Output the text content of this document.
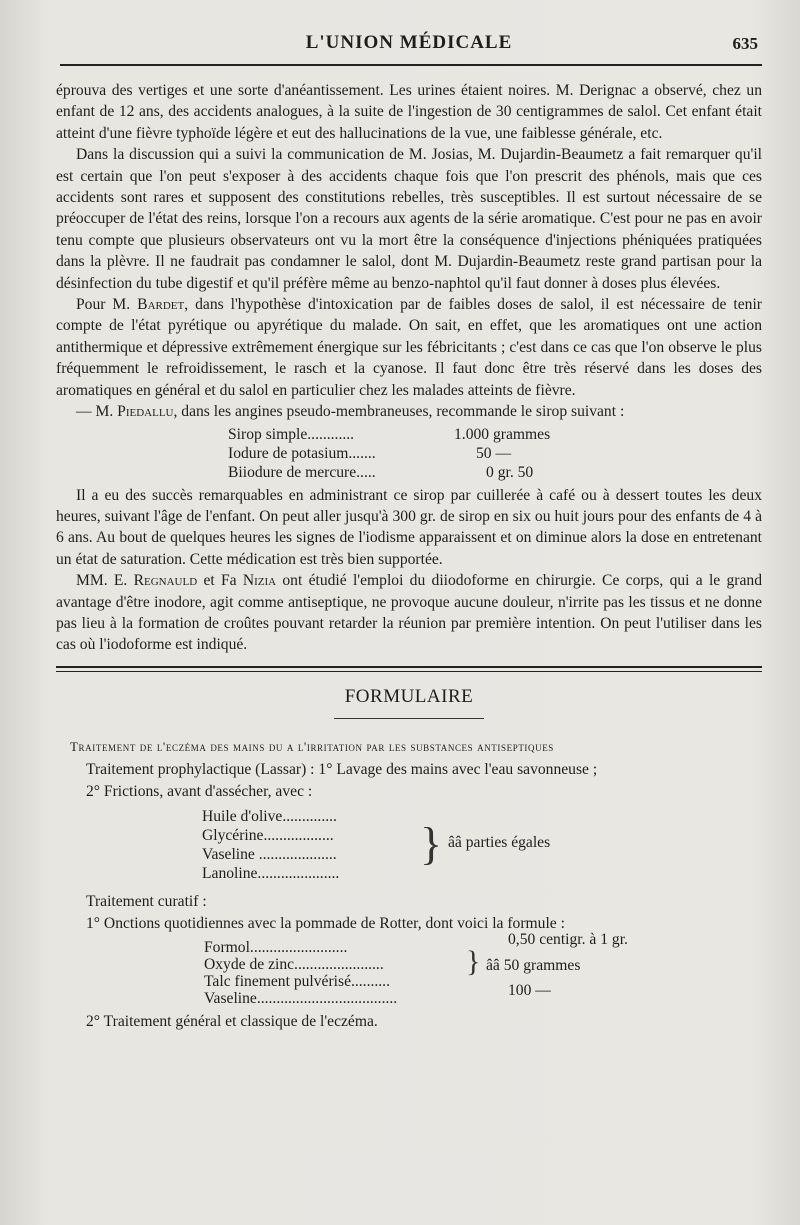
L'UNION MÉDICALE	635

éprouva des vertiges et une sorte d'anéantissement. Les urines étaient noires. M. Derignac a observé, chez un enfant de 12 ans, des accidents analogues, à la suite de l'ingestion de 30 centigrammes de salol. Cet enfant était atteint d'une fièvre typhoïde légère et eut des hallucinations de la vue, une faiblesse générale, etc.

Dans la discussion qui a suivi la communication de M. Josias, M. Dujardin-Beaumetz a fait remarquer qu'il est certain que l'on peut s'exposer à des accidents chaque fois que l'on prescrit des phénols, mais que ces accidents sont rares et supposent des constitutions rebelles, très susceptibles. Il est surtout nécessaire de se préoccuper de l'état des reins, lorsque l'on a recours aux agents de la série aromatique. C'est pour ne pas en avoir tenu compte que plusieurs observateurs ont vu la mort être la conséquence d'injections phéniquées pratiquées dans la plèvre. Il ne faudrait pas condamner le salol, dont M. Dujardin-Beaumetz reste grand partisan pour la désinfection du tube digestif et qu'il préfère même au benzo-naphtol qu'il faut donner à doses plus élevées.

Pour M. Bardet, dans l'hypothèse d'intoxication par de faibles doses de salol, il est nécessaire de tenir compte de l'état pyrétique ou apyrétique du malade. On sait, en effet, que les aromatiques ont une action antithermique et dépressive extrêmement énergique sur les fébricitants ; c'est dans ce cas que l'on observe le plus fréquemment le refroidissement, le rasch et la cyanose. Il faut donc être très réservé dans les doses des aromatiques en général et du salol en particulier chez les malades atteints de fièvre.

— M. Piedallu, dans les angines pseudo-membraneuses, recommande le sirop suivant :

Sirop simple............	1.000 grammes
Iodure de potasium.......	50 —
Biiodure de mercure.....	0 gr. 50

Il a eu des succès remarquables en administrant ce sirop par cuillerée à café ou à dessert toutes les deux heures, suivant l'âge de l'enfant. On peut aller jusqu'à 300 gr. de sirop en six ou huit jours pour des enfants de 4 à 6 ans. Au bout de quelques heures les signes de l'iodisme apparaissent et on diminue alors la dose en entretenant un état de saturation. Cette médication est très bien supportée.

MM. E. Regnauld et Fa Nizia ont étudié l'emploi du diiodoforme en chirurgie. Ce corps, qui a le grand avantage d'être inodore, agit comme antiseptique, ne provoque aucune douleur, n'irrite pas les tissus et ne donne pas lieu à la formation de croûtes pouvant retarder la réunion par première intention. On peut l'utiliser dans les cas où l'iodoforme est indiqué.

FORMULAIRE
Traitement de l'eczéma des mains du a l'irritation par les substances antiseptiques

Traitement prophylactique (Lassar) : 1° Lavage des mains avec l'eau savonneuse ;

2° Frictions, avant d'assécher, avec :

Huile d'olive..............
Glycérine..................
Vaseline ....................
Lanoline.....................
} ââ parties égales

Traitement curatif :

1° Onctions quotidiennes avec la pommade de Rotter, dont voici la formule :

Formol.........................	0,50 centigr. à 1 gr.
Oxyde de zinc.......................
Talc finement pulvérisé..........
} ââ 50 grammes
Vaseline....................................	100 —

2° Traitement général et classique de l'eczéma.
